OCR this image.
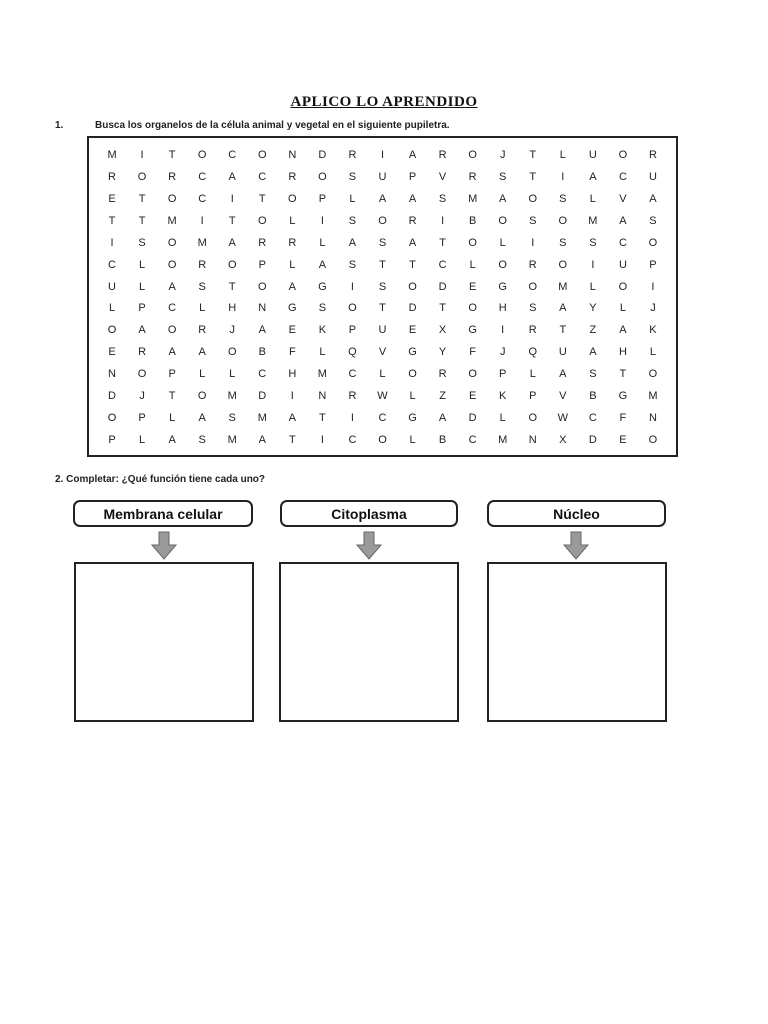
APLICO LO APRENDIDO
1.	Busca los organelos de la célula animal y vegetal en el siguiente pupiletra.
M	I	T	O	C	O	N	D	R	I	A	R	O	J	T	L	U	O	R
R	O	R	C	A	C	R	O	S	U	P	V	R	S	T	I	A	C	U
E	T	O	C	I	T	O	P	L	A	A	S	M	A	O	S	L	V	A
T	T	M	I	T	O	L	I	S	O	R	I	B	O	S	O	M	A	S
I	S	O	M	A	R	R	L	A	S	A	T	O	L	I	S	S	C	O
C	L	O	R	O	P	L	A	S	T	T	C	L	O	R	O	I	U	P
U	L	A	S	T	O	A	G	I	S	O	D	E	G	O	M	L	O	I
L	P	C	L	H	N	G	S	O	T	D	T	O	H	S	A	Y	L	J
O	A	O	R	J	A	E	K	P	U	E	X	G	I	R	T	Z	A	K
E	R	A	A	O	B	F	L	Q	V	G	Y	F	J	Q	U	A	H	L
N	O	P	L	L	C	H	M	C	L	O	R	O	P	L	A	S	T	O
D	J	T	O	M	D	I	N	R	W	L	Z	E	K	P	V	B	G	M
O	P	L	A	S	M	A	T	I	C	G	A	D	L	O	W	C	F	N
P	L	A	S	M	A	T	I	C	O	L	B	C	M	N	X	D	E	O
2. Completar: ¿Qué función tiene cada uno?
Membrana celular	Citoplasma	Núcleo
